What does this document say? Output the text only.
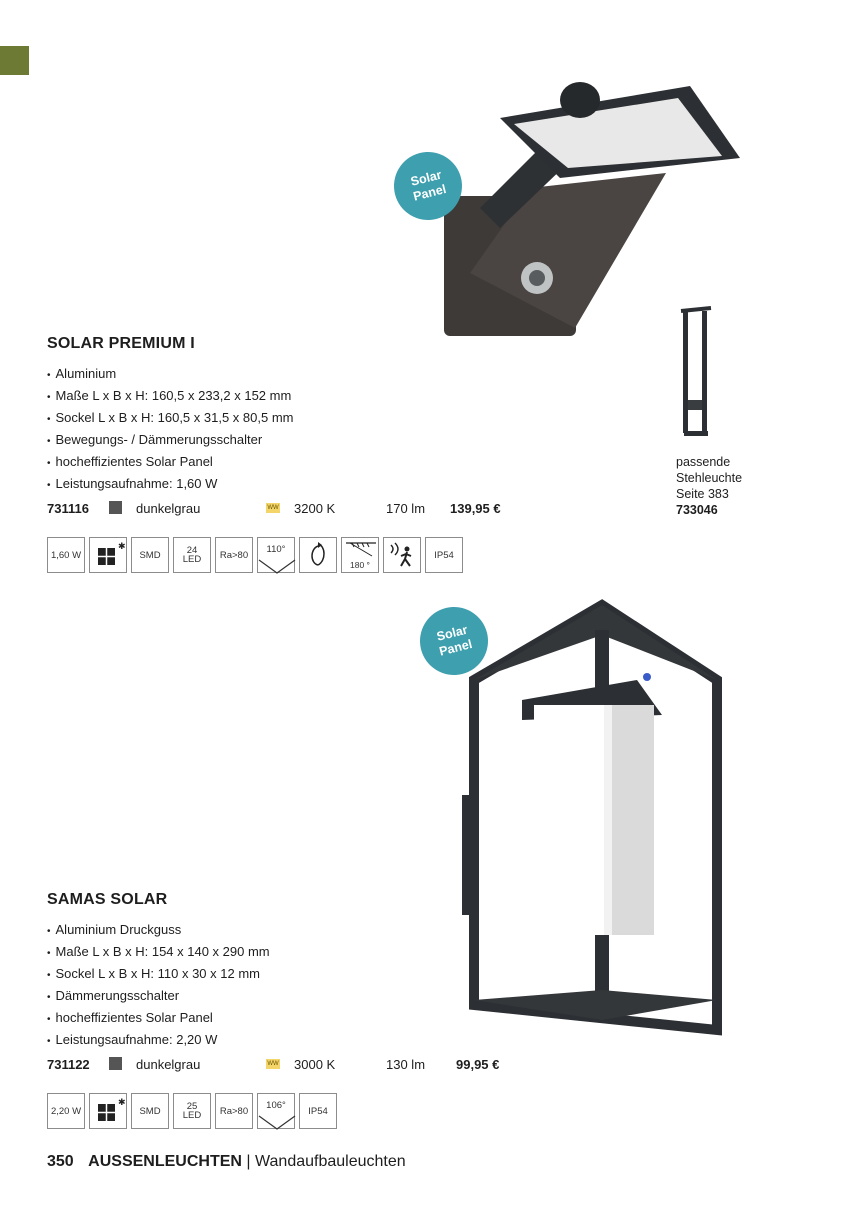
Solar
Panel
SOLAR PREMIUM I
• Aluminium
• Maße L x B x H: 160,5 x 233,2 x 152 mm
• Sockel L x B x H: 160,5 x 31,5 x 80,5 mm
• Bewegungs- / Dämmerungsschalter
• hocheffizientes Solar Panel
• Leistungsaufnahme: 1,60 W
731116	dunkelgrau	WW 3200 K	170 lm 139,95 €
1,60 W
✱
SMD	24
LED Ra>80 110°
180 °
IP54
passende
Stehleuchte
Seite 383
733046
Solar
Panel
SAMAS SOLAR
• Aluminium Druckguss
• Maße L x B x H: 154 x 140 x 290 mm
• Sockel L x B x H: 110 x 30 x 12 mm
• Dämmerungsschalter
• hocheffizientes Solar Panel
• Leistungsaufnahme: 2,20 W
731122	dunkelgrau	WW 3000 K	130 lm 99,95 €
2,20 W
✱
SMD	25
LED Ra>80 106° IP54
350 AUSSENLEUCHTEN | Wandaufbauleuchten
